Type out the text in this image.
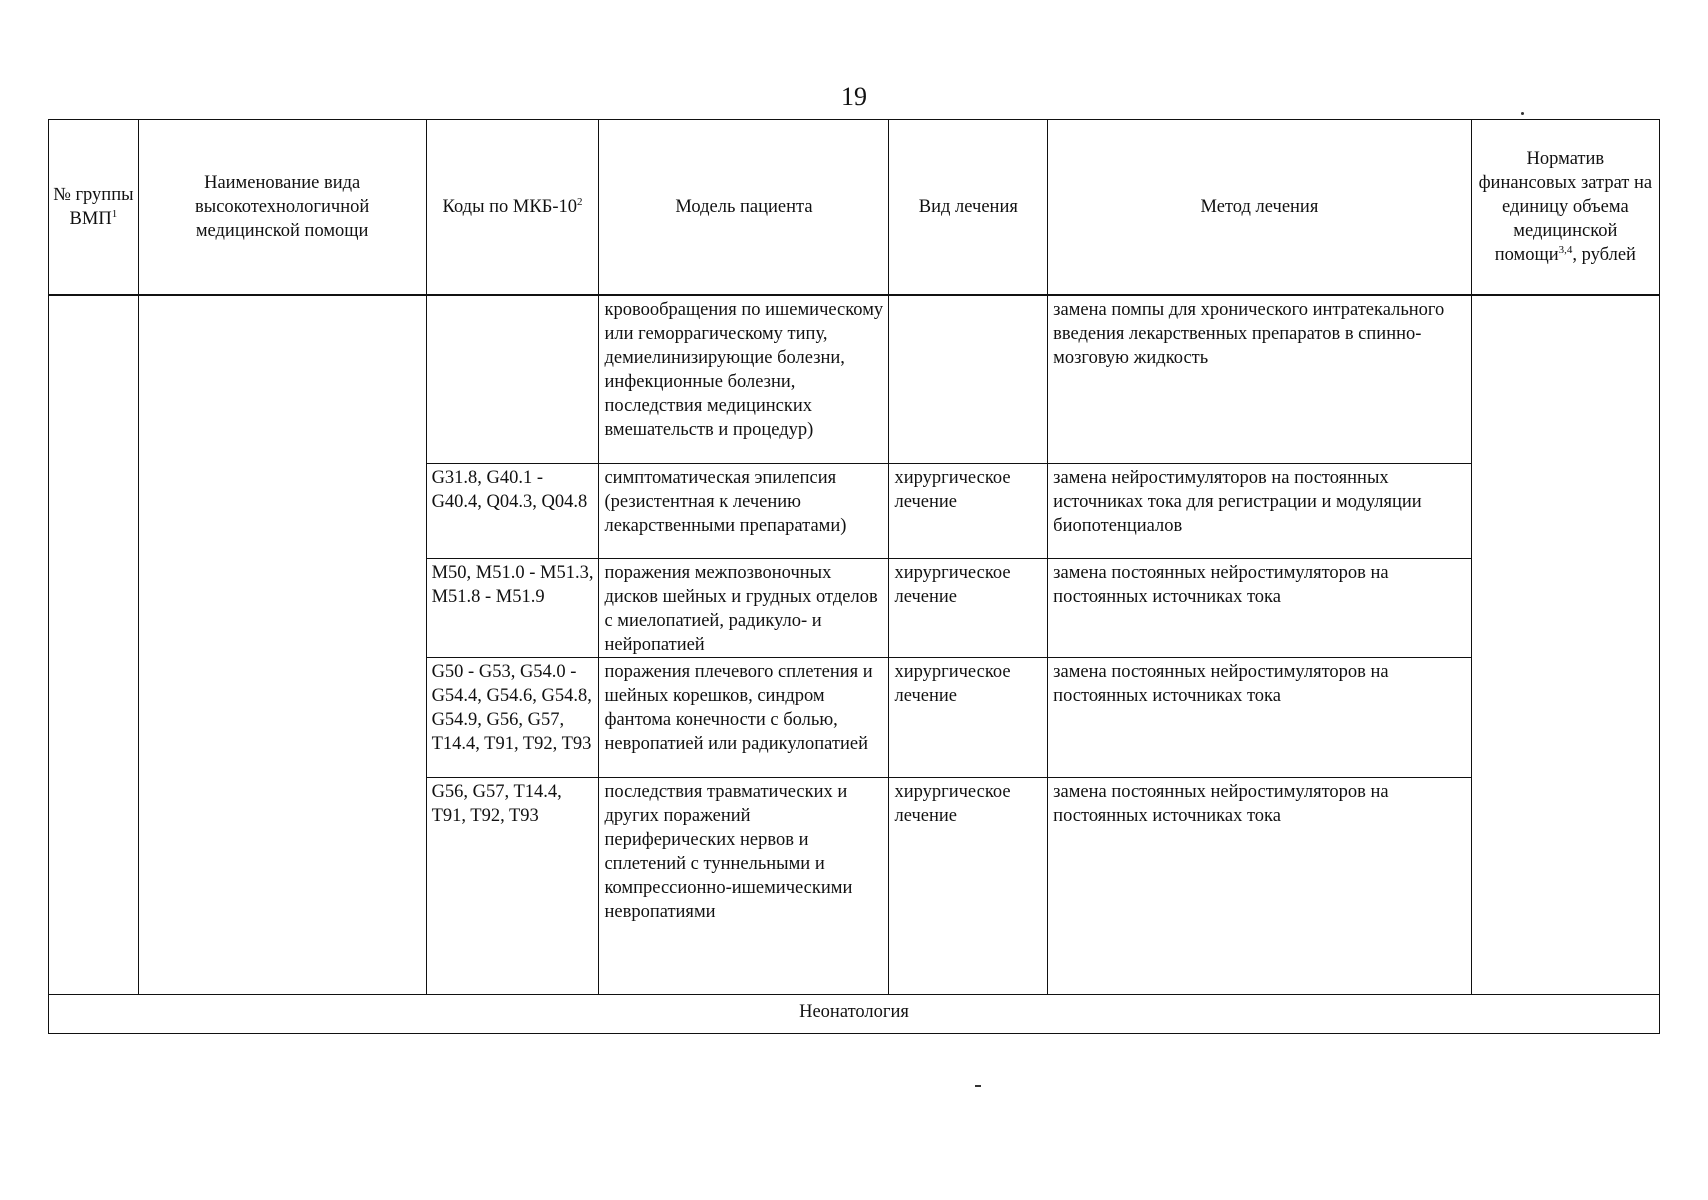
19
№ группы ВМП$^1$	Наименование вида высокотехнологичной медицинской помощи	Коды по МКБ-$10^2$	Модель пациента	Вид лечения	Метод лечения	Норматив финансовых затрат на единицу объема медицинской помощи$^{3,4}$, рублей
			кровообращения по ишемическому или геморрагическому типу, демиелинизирующие болезни, инфекционные болезни, последствия медицинских вмешательств и процедур)		замена помпы для хронического интратекального введения лекарственных препаратов в спинно-мозговую жидкость	
		G31.8, G40.1 - G40.4, Q04.3, Q04.8	симптоматическая эпилепсия (резистентная к лечению лекарственными препаратами)	хирургическое лечение	замена нейростимуляторов на постоянных источниках тока для регистрации и модуляции биопотенциалов	
		M50, M51.0 - M51.3, M51.8 - M51.9	поражения межпозвоночных дисков шейных и грудных отделов с миелопатией, радикуло- и нейропатией	хирургическое лечение	замена постоянных нейростимуляторов на постоянных источниках тока	
		G50 - G53, G54.0 - G54.4, G54.6, G54.8, G54.9, G56, G57, T14.4, T91, T92, T93	поражения плечевого сплетения и шейных корешков, синдром фантома конечности с болью, невропатией или радикулопатией	хирургическое лечение	замена постоянных нейростимуляторов на постоянных источниках тока	
		G56, G57, T14.4, T91, T92, T93	последствия травматических и других поражений периферических нервов и сплетений с туннельными и компрессионно-ишемическими невропатиями	хирургическое лечение	замена постоянных нейростимуляторов на постоянных источниках тока	
Неонатология						
